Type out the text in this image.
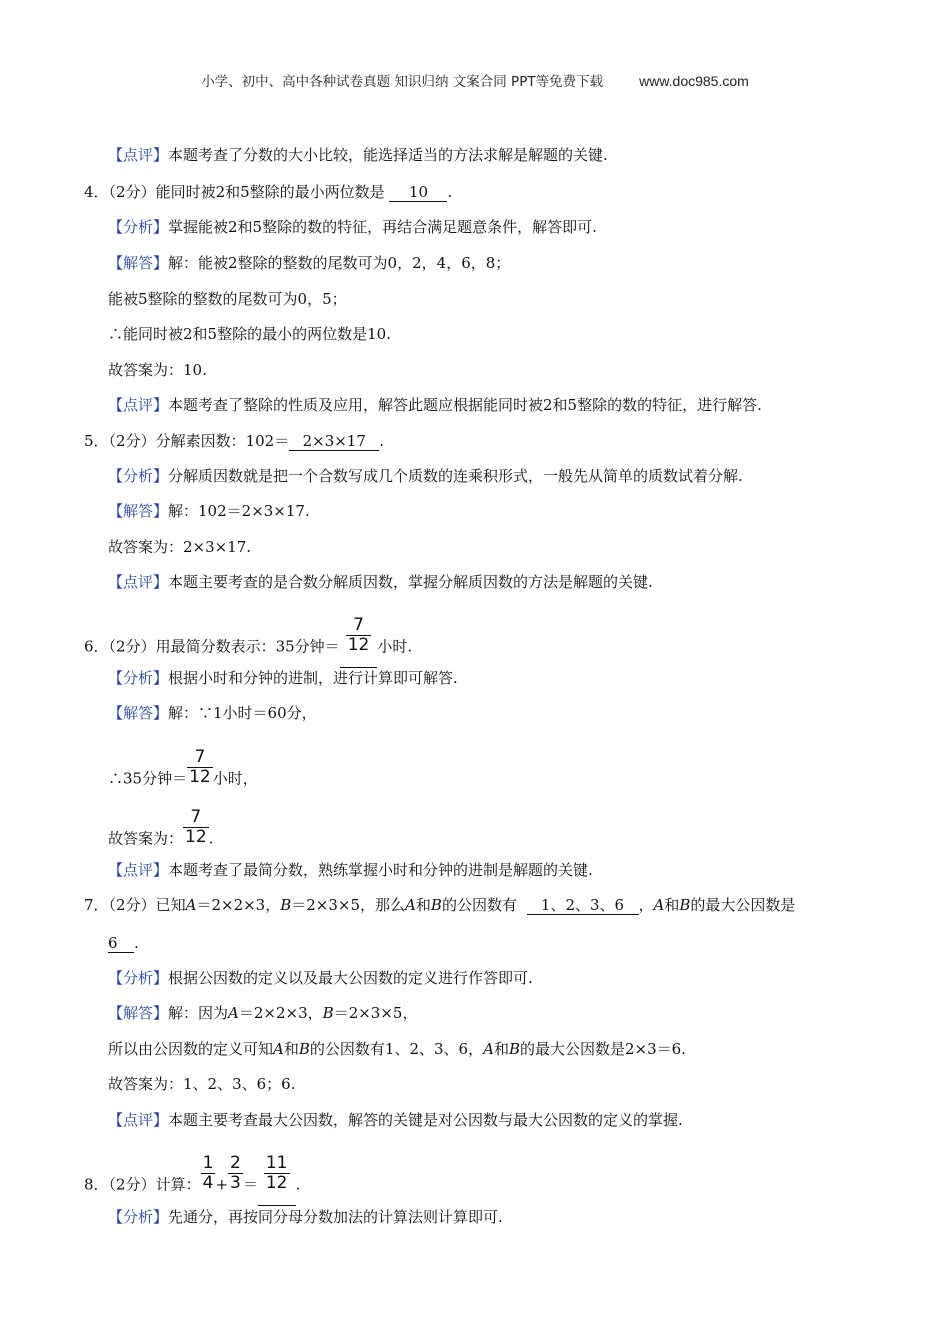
小学、初中、高中各种试卷真题 知识归纳 文案合同 PPT等免费下载	www.doc985.com
【点评】本题考查了分数的大小比较，能选择适当的方法求解是解题的关键.
4．（2分）能同时被2和5整除的最小两位数是 10 .
【分析】掌握能被2和5整除的数的特征，再结合满足题意条件，解答即可.
【解答】解：能被2整除的整数的尾数可为0，2，4，6，8；
能被5整除的整数的尾数可为0，5；
∴能同时被2和5整除的最小的两位数是10.
故答案为：10.
【点评】本题考查了整除的性质及应用，解答此题应根据能同时被2和5整除的数的特征，进行解答.
5．（2分）分解素因数：102＝ 2×3×17 .
【分析】分解质因数就是把一个合数写成几个质数的连乘积形式，一般先从简单的质数试着分解.
【解答】解：102＝2×3×17.
故答案为：2×3×17.
【点评】本题主要考查的是合数分解质因数，掌握分解质因数的方法是解题的关键.
6．（2分）用最简分数表示：35分钟＝ $\frac{7}{12}$ 小时.
【分析】根据小时和分钟的进制，进行计算即可解答.
【解答】解：∵1小时＝60分，
∴35分钟＝ $\frac{7}{12}$ 小时，
故答案为： $\frac{7}{12}$ .
【点评】本题考查了最简分数，熟练掌握小时和分钟的进制是解题的关键.
7．（2分）已知A＝2×2×3，B＝2×3×5，那么A和B的公因数有 1、2、3、6 ，A和B的最大公因数是
6 .
【分析】根据公因数的定义以及最大公因数的定义进行作答即可.
【解答】解：因为A＝2×2×3，B＝2×3×5，
所以由公因数的定义可知A和B的公因数有1、2、3、6，A和B的最大公因数是2×3＝6.
故答案为：1、2、3、6；6.
【点评】本题主要考查最大公因数，解答的关键是对公因数与最大公因数的定义的掌握.
8．（2分）计算： $\frac{1}{4} + \frac{2}{3} = \frac{11}{12}$ .
【分析】先通分，再按同分母分数加法的计算法则计算即可.
